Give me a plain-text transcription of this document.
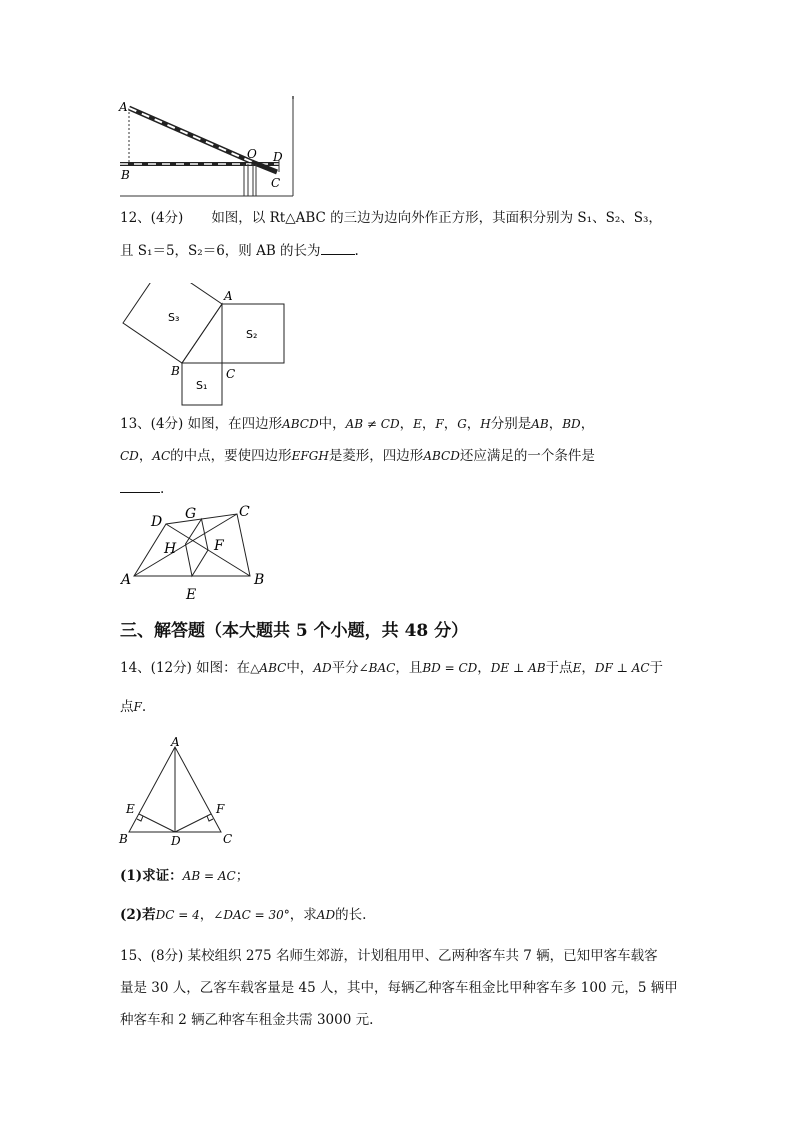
A
B
O D
C
12、(4分) 如图，以 Rt△ABC 的三边为边向外作正方形，其面积分别为 S₁、S₂、S₃，
且 S₁＝5，S₂＝6，则 AB 的长为	.
S₃
S₂
S₁
A
B	C
13、(4分) 如图，在四边形ABCD中，AB ≠ CD，E，F，G，H分别是AB，BD，
CD，AC的中点，要使四边形EFGH是菱形，四边形ABCD还应满足的一个条件是
.
A	B
C
D
E
F
G
H
三、解答题（本大题共 5 个小题，共 48 分）
14、(12分) 如图：在△ABC中，AD平分∠BAC，且BD = CD，DE ⊥ AB于点E，DF ⊥ AC于
点F.
A
B	C
D
E	F
(1)求证：AB = AC；
(2)若DC = 4，∠DAC = 30°，求AD的长.
15、(8分) 某校组织 275 名师生郊游，计划租用甲、乙两种客车共 7 辆，已知甲客车载客
量是 30 人，乙客车载客量是 45 人，其中，每辆乙种客车租金比甲种客车多 100 元，5 辆甲
种客车和 2 辆乙种客车租金共需 3000 元.
